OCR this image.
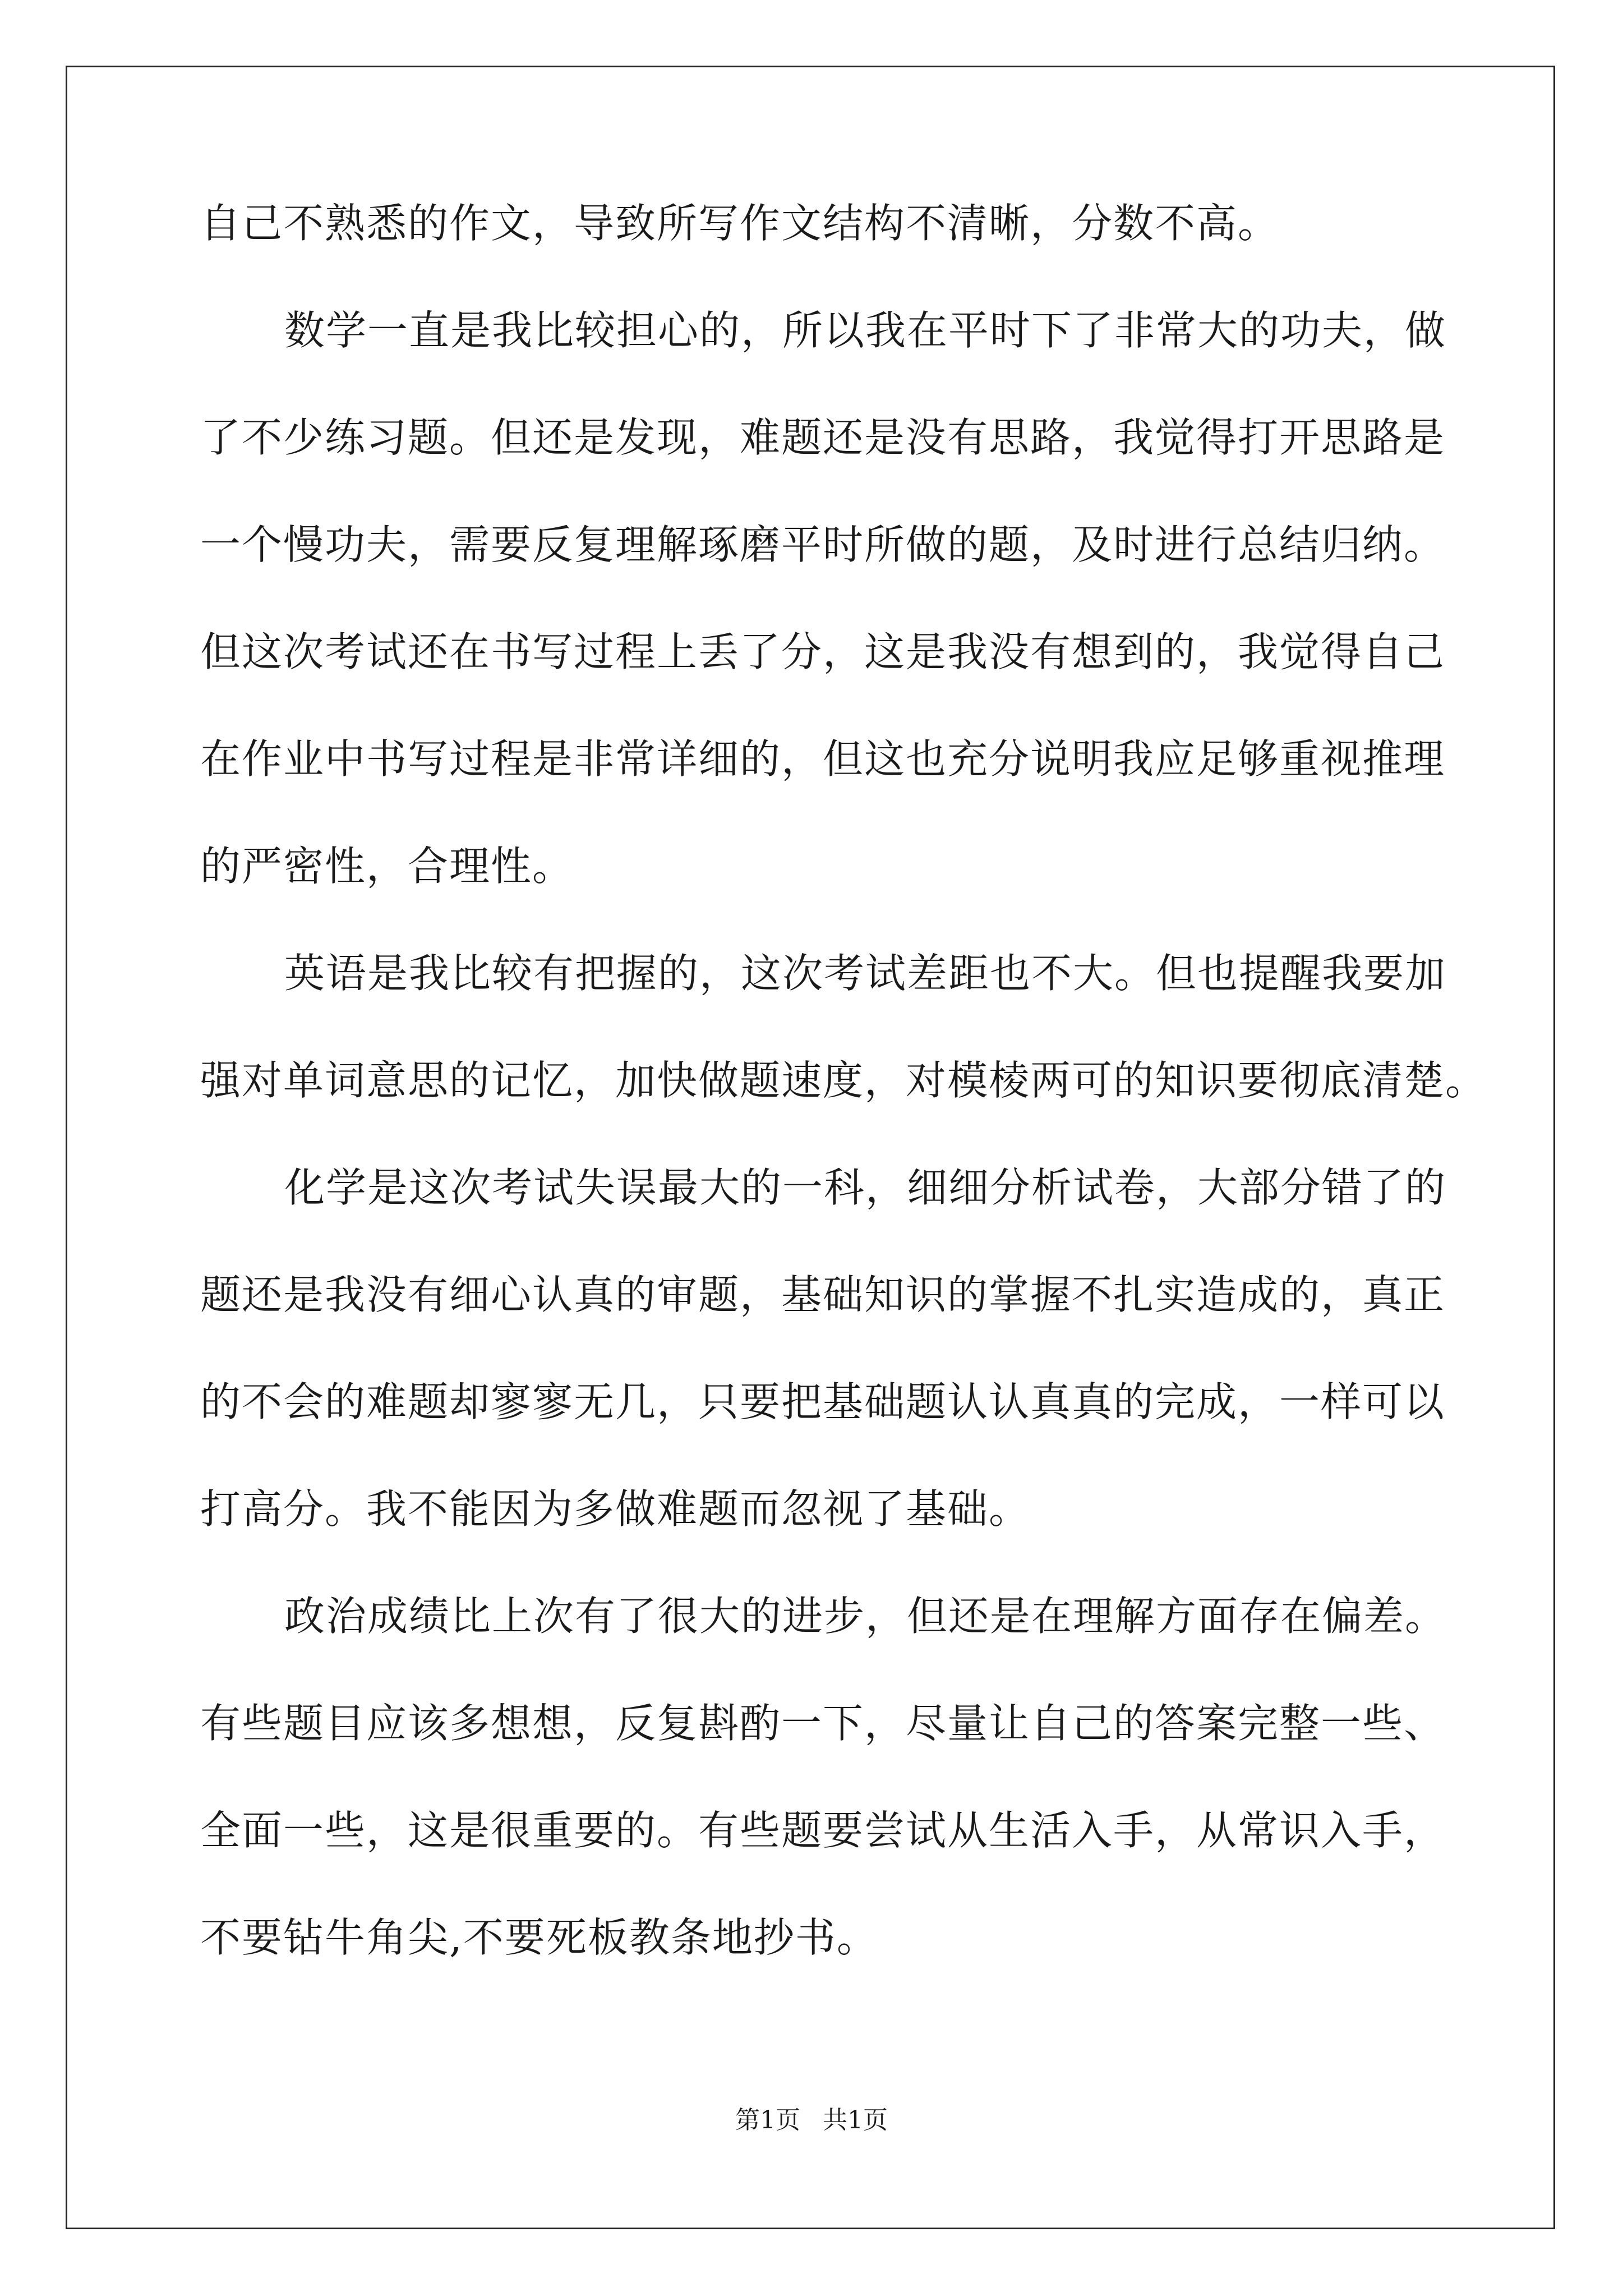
自己不熟悉的作文，导致所写作文结构不清晰，分数不高。
数学一直是我比较担心的，所以我在平时下了非常大的功夫，做
了不少练习题。但还是发现，难题还是没有思路，我觉得打开思路是
一个慢功夫，需要反复理解琢磨平时所做的题，及时进行总结归纳。
但这次考试还在书写过程上丢了分，这是我没有想到的，我觉得自己
在作业中书写过程是非常详细的，但这也充分说明我应足够重视推理
的严密性，合理性。
英语是我比较有把握的，这次考试差距也不大。但也提醒我要加
强对单词意思的记忆，加快做题速度，对模棱两可的知识要彻底清楚。
化学是这次考试失误最大的一科，细细分析试卷，大部分错了的
题还是我没有细心认真的审题，基础知识的掌握不扎实造成的，真正
的不会的难题却寥寥无几，只要把基础题认认真真的完成，一样可以
打高分。我不能因为多做难题而忽视了基础。
政治成绩比上次有了很大的进步，但还是在理解方面存在偏差。
有些题目应该多想想，反复斟酌一下，尽量让自己的答案完整一些、
全面一些，这是很重要的。有些题要尝试从生活入手，从常识入手，
不要钻牛角尖,不要死板教条地抄书。
第1页 共1页
